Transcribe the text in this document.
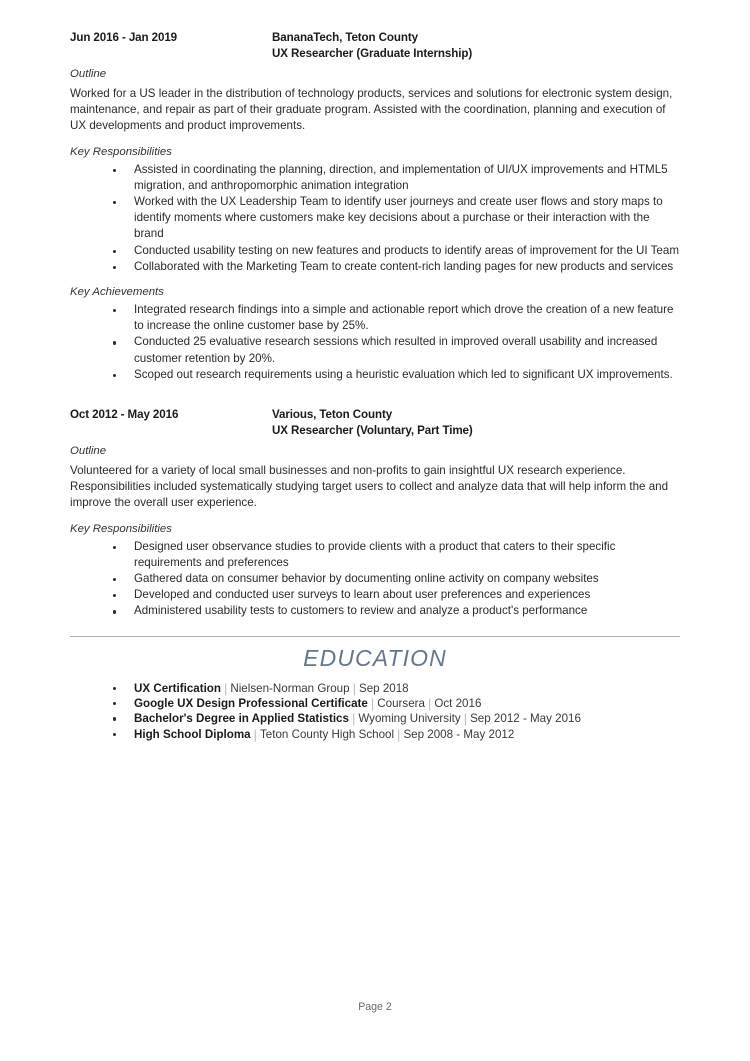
Jun 2016 - Jan 2019	BananaTech, Teton County
UX Researcher (Graduate Internship)
Outline
Worked for a US leader in the distribution of technology products, services and solutions for electronic system design, maintenance, and repair as part of their graduate program. Assisted with the coordination, planning and execution of UX developments and product improvements.
Key Responsibilities
Assisted in coordinating the planning, direction, and implementation of UI/UX improvements and HTML5 migration, and anthropomorphic animation integration
Worked with the UX Leadership Team to identify user journeys and create user flows and story maps to identify moments where customers make key decisions about a purchase or their interaction with the brand
Conducted usability testing on new features and products to identify areas of improvement for the UI Team
Collaborated with the Marketing Team to create content-rich landing pages for new products and services
Key Achievements
Integrated research findings into a simple and actionable report which drove the creation of a new feature to increase the online customer base by 25%.
Conducted 25 evaluative research sessions which resulted in improved overall usability and increased customer retention by 20%.
Scoped out research requirements using a heuristic evaluation which led to significant UX improvements.
Oct 2012 - May 2016	Various, Teton County
UX Researcher (Voluntary, Part Time)
Outline
Volunteered for a variety of local small businesses and non-profits to gain insightful UX research experience. Responsibilities included systematically studying target users to collect and analyze data that will help inform the and improve the overall user experience.
Key Responsibilities
Designed user observance studies to provide clients with a product that caters to their specific requirements and preferences
Gathered data on consumer behavior by documenting online activity on company websites
Developed and conducted user surveys to learn about user preferences and experiences
Administered usability tests to customers to review and analyze a product's performance
EDUCATION
UX Certification | Nielsen-Norman Group | Sep 2018
Google UX Design Professional Certificate | Coursera | Oct 2016
Bachelor's Degree in Applied Statistics | Wyoming University | Sep 2012 - May 2016
High School Diploma | Teton County High School | Sep 2008 - May 2012
Page 2
